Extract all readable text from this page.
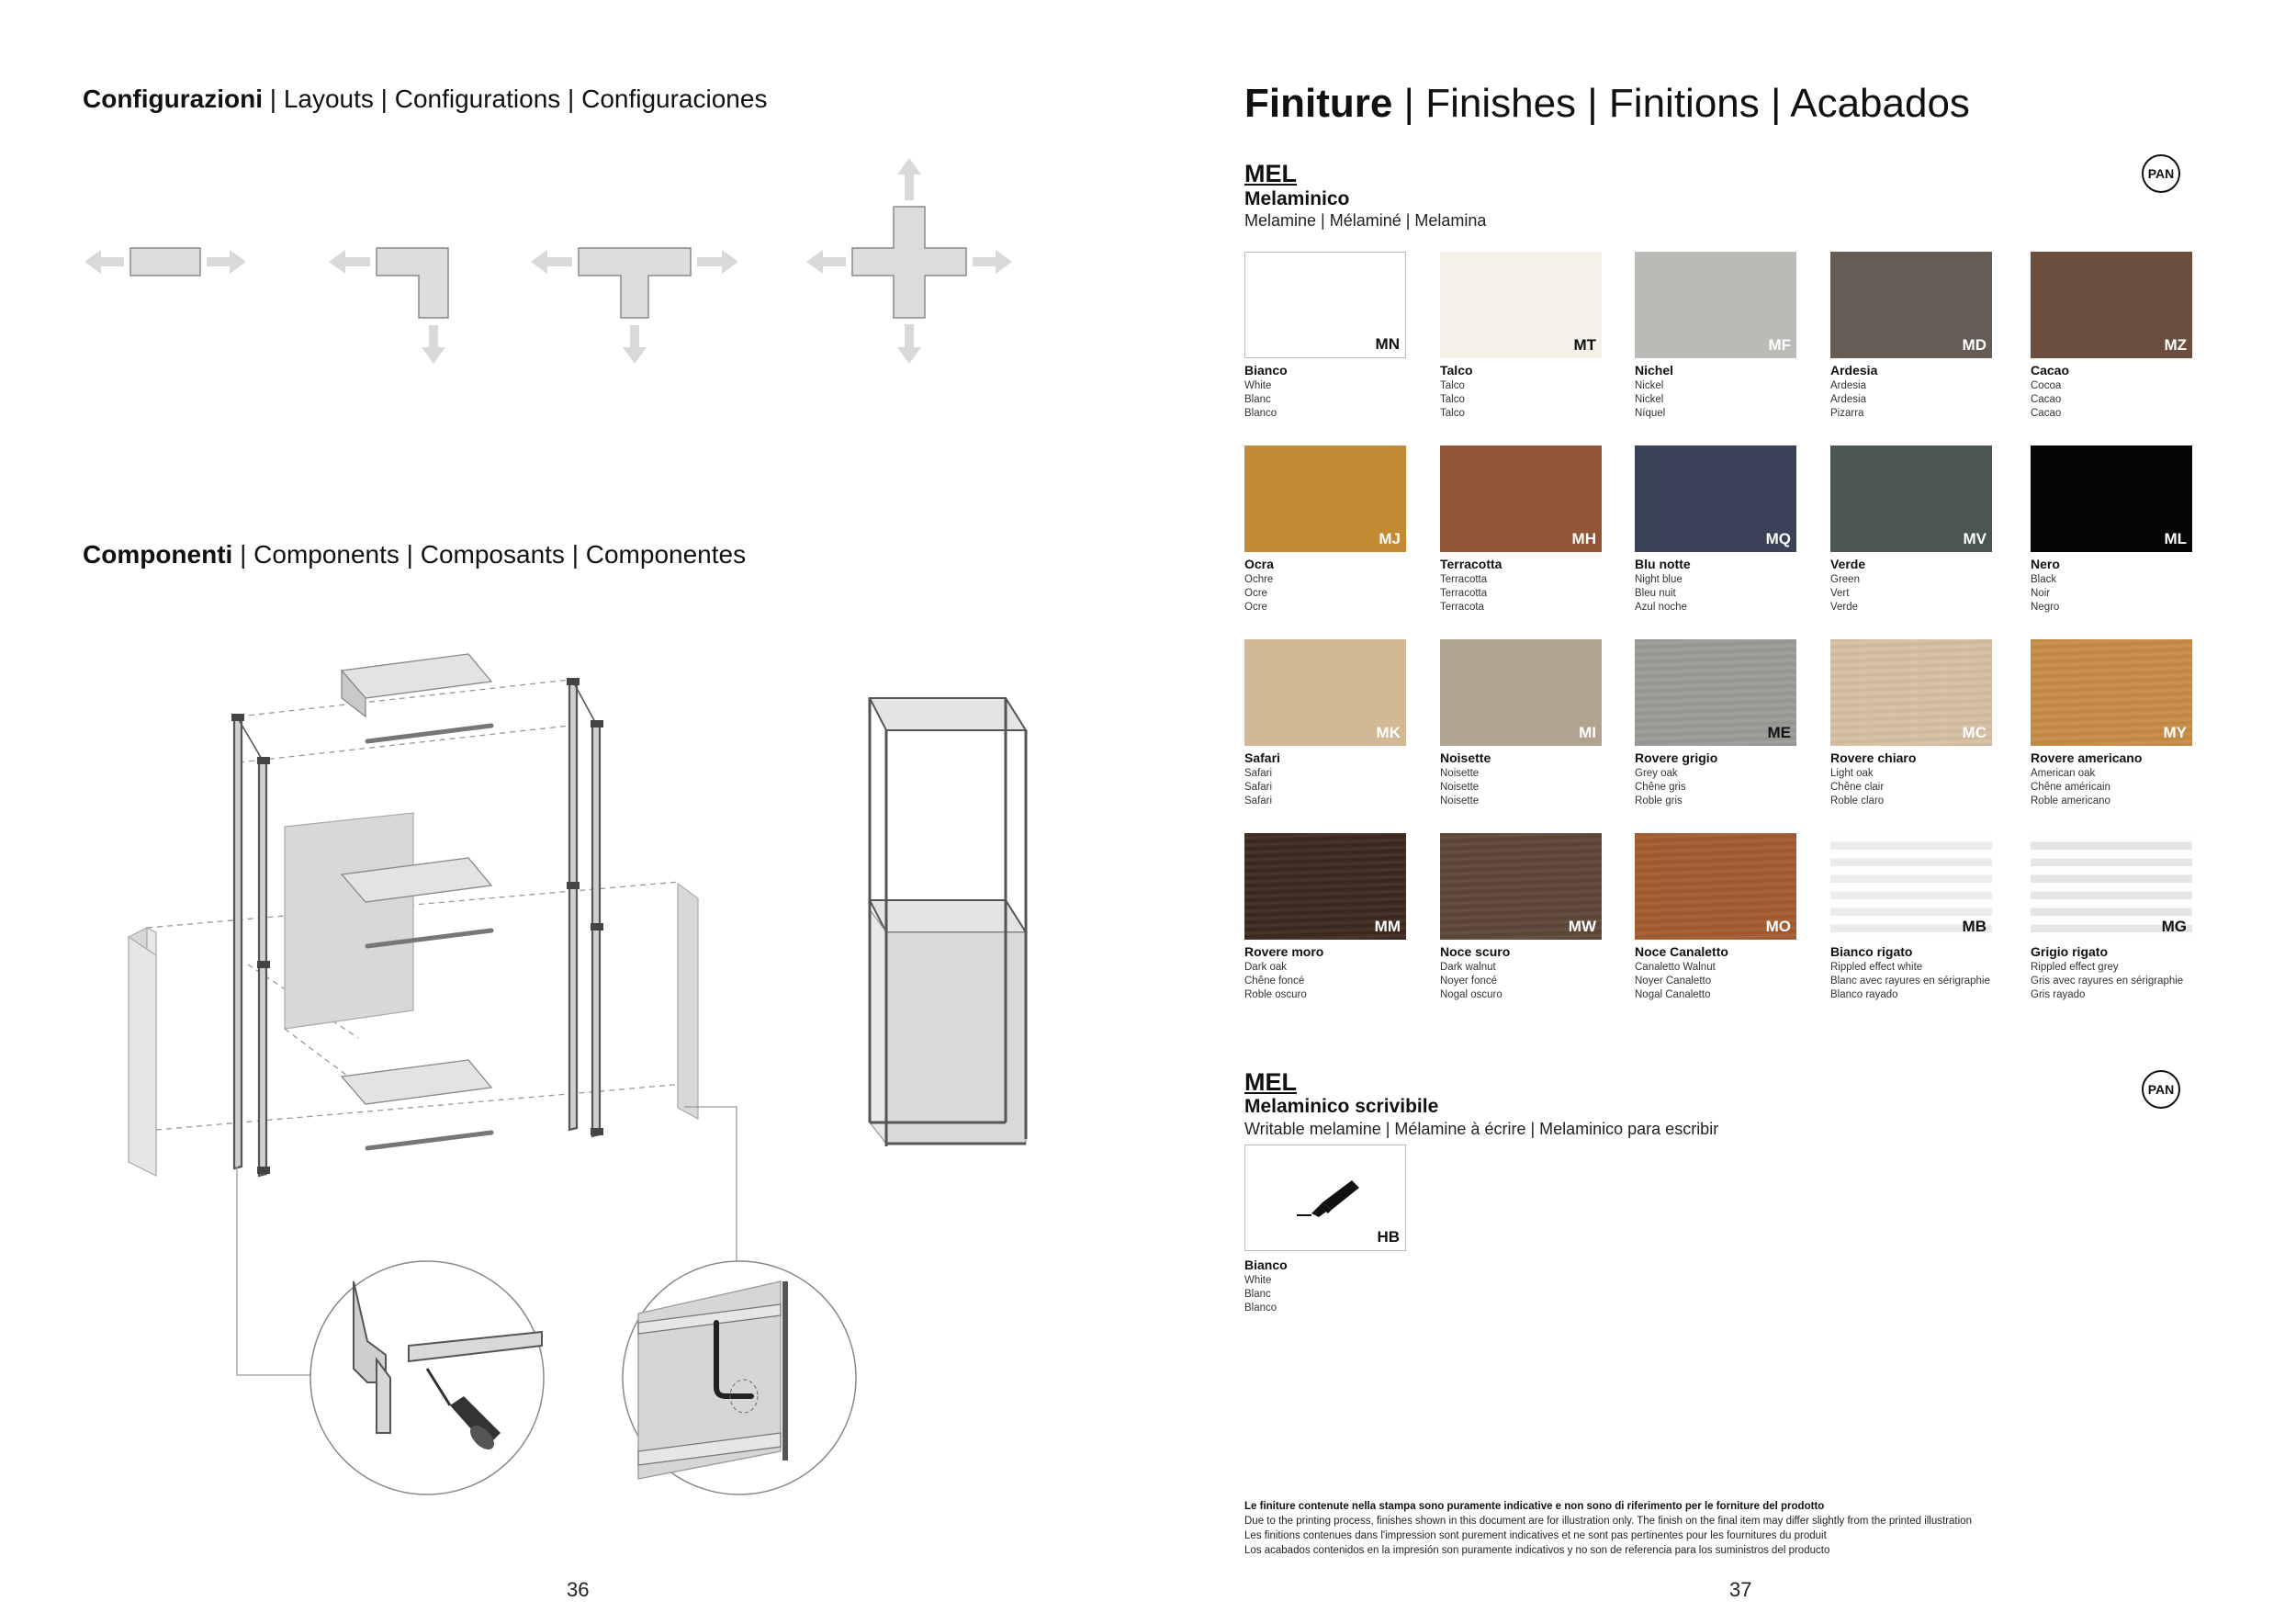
Configurazioni | Layouts | Configurations | Configuraciones
Componenti | Components | Composants | Componentes
36
Finiture | Finishes | Finitions | Acabados
MEL
Melaminico
Melamine | Mélaminé | Melamina
PAN
MN
Bianco
White
Blanc
Blanco
MT
Talco
Talco
Talco
Talco
MF
Nichel
Nickel
Nickel
Níquel
MD
Ardesia
Ardesia
Ardesia
Pizarra
MZ
Cacao
Cocoa
Cacao
Cacao
MJ
Ocra
Ochre
Ocre
Ocre
MH
Terracotta
Terracotta
Terracotta
Terracota
MQ
Blu notte
Night blue
Bleu nuit
Azul noche
MV
Verde
Green
Vert
Verde
ML
Nero
Black
Noir
Negro
MK
Safari
Safari
Safari
Safari
MI
Noisette
Noisette
Noisette
Noisette
ME
Rovere grigio
Grey oak
Chêne gris
Roble gris
MC
Rovere chiaro
Light oak
Chêne clair
Roble claro
MY
Rovere americano
American oak
Chêne américain
Roble americano
MM
Rovere moro
Dark oak
Chêne foncé
Roble oscuro
MW
Noce scuro
Dark walnut
Noyer foncé
Nogal oscuro
MO
Noce Canaletto
Canaletto Walnut
Noyer Canaletto
Nogal Canaletto
MB
Bianco rigato
Rippled effect white
Blanc avec rayures en sérigraphie
Blanco rayado
MG
Grigio rigato
Rippled effect grey
Gris avec rayures en sérigraphie
Gris rayado
MEL
Melaminico scrivibile
Writable melamine | Mélamine à écrire | Melaminico para escribir
PAN
HB
Bianco
White
Blanc
Blanco
Le finiture contenute nella stampa sono puramente indicative e non sono di riferimento per le forniture del prodotto
Due to the printing process, finishes shown in this document are for illustration only. The finish on the final item may differ slightly from the printed illustration
Les finitions contenues dans l'impression sont purement indicatives et ne sont pas pertinentes pour les fournitures du produit
Los acabados contenidos en la impresión son puramente indicativos y no son de referencia para los suministros del producto
37
